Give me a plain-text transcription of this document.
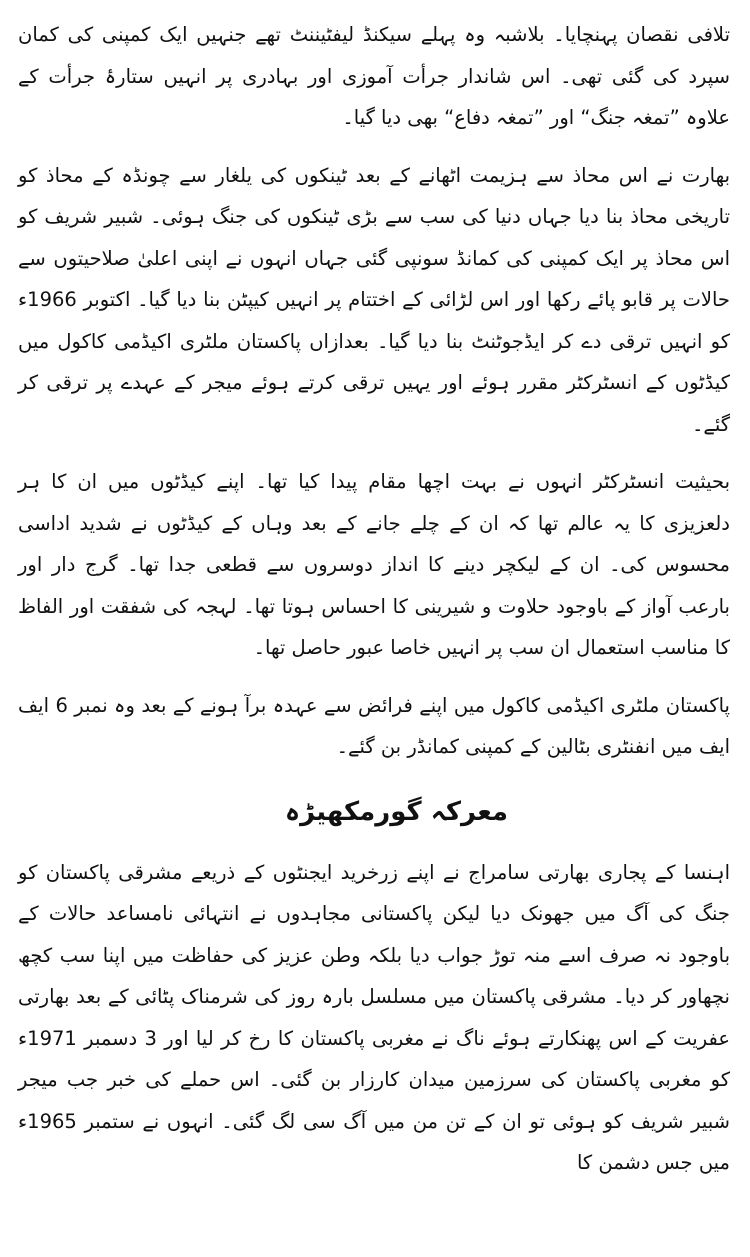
تلافی نقصان پہنچایا۔ بلاشبہ وہ پہلے سیکنڈ لیفٹیننٹ تھے جنہیں ایک کمپنی کی کمان سپرد کی گئی تھی۔ اس شاندار جرأت آموزی اور بہادری پر انہیں ستارۂ جرأت کے علاوہ ”تمغہ جنگ“ اور ”تمغہ دفاع“ بھی دیا گیا۔

بھارت نے اس محاذ سے ہزیمت اٹھانے کے بعد ٹینکوں کی یلغار سے چونڈہ کے محاذ کو تاریخی محاذ بنا دیا جہاں دنیا کی سب سے بڑی ٹینکوں کی جنگ ہوئی۔ شبیر شریف کو اس محاذ پر ایک کمپنی کی کمانڈ سونپی گئی جہاں انہوں نے اپنی اعلیٰ صلاحیتوں سے حالات پر قابو پائے رکھا اور اس لڑائی کے اختتام پر انہیں کیپٹن بنا دیا گیا۔ اکتوبر 1966ء کو انہیں ترقی دے کر ایڈجوٹنٹ بنا دیا گیا۔ بعدازاں پاکستان ملٹری اکیڈمی کاکول میں کیڈٹوں کے انسٹرکٹر مقرر ہوئے اور یہیں ترقی کرتے ہوئے میجر کے عہدے پر ترقی کر گئے۔

بحیثیت انسٹرکٹر انہوں نے بہت اچھا مقام پیدا کیا تھا۔ اپنے کیڈٹوں میں ان کا ہر دلعزیزی کا یہ عالم تھا کہ ان کے چلے جانے کے بعد وہاں کے کیڈٹوں نے شدید اداسی محسوس کی۔ ان کے لیکچر دینے کا انداز دوسروں سے قطعی جدا تھا۔ گرج دار اور بارعب آواز کے باوجود حلاوت و شیرینی کا احساس ہوتا تھا۔ لہجہ کی شفقت اور الفاظ کا مناسب استعمال ان سب پر انہیں خاصا عبور حاصل تھا۔

پاکستان ملٹری اکیڈمی کاکول میں اپنے فرائض سے عہدہ برآ ہونے کے بعد وہ نمبر 6 ایف ایف میں انفنٹری بٹالین کے کمپنی کمانڈر بن گئے۔

معرکہ گورمکھیڑہ

اہنسا کے پجاری بھارتی سامراج نے اپنے زرخرید ایجنٹوں کے ذریعے مشرقی پاکستان کو جنگ کی آگ میں جھونک دیا لیکن پاکستانی مجاہدوں نے انتہائی نامساعد حالات کے باوجود نہ صرف اسے منہ توڑ جواب دیا بلکہ وطن عزیز کی حفاظت میں اپنا سب کچھ نچھاور کر دیا۔ مشرقی پاکستان میں مسلسل بارہ روز کی شرمناک پٹائی کے بعد بھارتی عفریت کے اس پھنکارتے ہوئے ناگ نے مغربی پاکستان کا رخ کر لیا اور 3 دسمبر 1971ء کو مغربی پاکستان کی سرزمین میدان کارزار بن گئی۔ اس حملے کی خبر جب میجر شبیر شریف کو ہوئی تو ان کے تن من میں آگ سی لگ گئی۔ انہوں نے ستمبر 1965ء میں جس دشمن کا
